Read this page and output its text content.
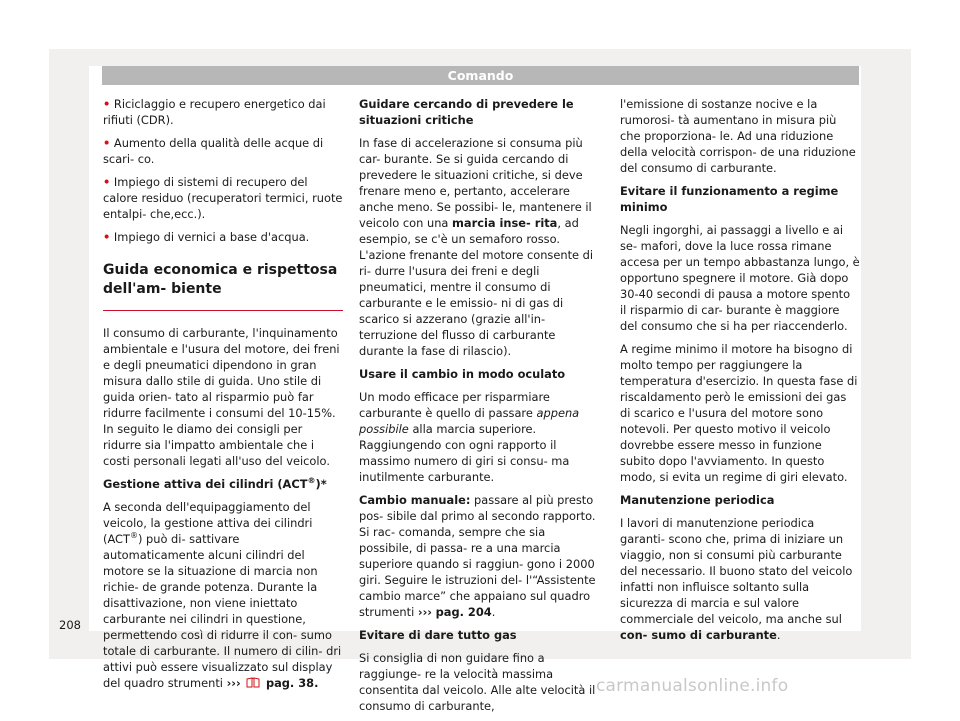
Comando

• Riciclaggio e recupero energetico dai rifiuti (CDR).

• Aumento della qualità delle acque di scari- co.

• Impiego di sistemi di recupero del calore residuo (recuperatori termici, ruote entalpi- che,ecc.).

• Impiego di vernici a base d'acqua.

Guida economica e rispettosa dell'am- biente

Il consumo di carburante, l'inquinamento ambientale e l'usura del motore, dei freni e degli pneumatici dipendono in gran misura dallo stile di guida. Uno stile di guida orien- tato al risparmio può far ridurre facilmente i consumi del 10-15%. In seguito le diamo dei consigli per ridurre sia l'impatto ambientale che i costi personali legati all'uso del veicolo.

Gestione attiva dei cilindri (ACT®)*

A seconda dell'equipaggiamento del veicolo, la gestione attiva dei cilindri (ACT®) può di- sattivare automaticamente alcuni cilindri del motore se la situazione di marcia non richie- de grande potenza. Durante la disattivazione, non viene iniettato carburante nei cilindri in questione, permettendo così di ridurre il con- sumo totale di carburante. Il numero di cilin- dri attivi può essere visualizzato sul display del quadro strumenti ››› pag. 38.

Guidare cercando di prevedere le situazioni critiche

In fase di accelerazione si consuma più car- burante. Se si guida cercando di prevedere le situazioni critiche, si deve frenare meno e, pertanto, accelerare anche meno. Se possibi- le, mantenere il veicolo con una marcia inse- rita, ad esempio, se c'è un semaforo rosso. L'azione frenante del motore consente di ri- durre l'usura dei freni e degli pneumatici, mentre il consumo di carburante e le emissio- ni di gas di scarico si azzerano (grazie all'in- terruzione del flusso di carburante durante la fase di rilascio).

Usare il cambio in modo oculato

Un modo efficace per risparmiare carburante è quello di passare appena possibile alla marcia superiore. Raggiungendo con ogni rapporto il massimo numero di giri si consu- ma inutilmente carburante.

Cambio manuale: passare al più presto pos- sibile dal primo al secondo rapporto. Si rac- comanda, sempre che sia possibile, di passa- re a una marcia superiore quando si raggiun- gono i 2000 giri. Seguire le istruzioni del- l'“Assistente cambio marce” che appaiano sul quadro strumenti ››› pag. 204.

Evitare di dare tutto gas

Si consiglia di non guidare fino a raggiunge- re la velocità massima consentita dal veicolo. Alle alte velocità il consumo di carburante,

l'emissione di sostanze nocive e la rumorosi- tà aumentano in misura più che proporziona- le. Ad una riduzione della velocità corrispon- de una riduzione del consumo di carburante.

Evitare il funzionamento a regime minimo

Negli ingorghi, ai passaggi a livello e ai se- mafori, dove la luce rossa rimane accesa per un tempo abbastanza lungo, è opportuno spegnere il motore. Già dopo 30-40 secondi di pausa a motore spento il risparmio di car- burante è maggiore del consumo che si ha per riaccenderlo.

A regime minimo il motore ha bisogno di molto tempo per raggiungere la temperatura d'esercizio. In questa fase di riscaldamento però le emissioni dei gas di scarico e l'usura del motore sono notevoli. Per questo motivo il veicolo dovrebbe essere messo in funzione subito dopo l'avviamento. In questo modo, si evita un regime di giri elevato.

Manutenzione periodica

I lavori di manutenzione periodica garanti- scono che, prima di iniziare un viaggio, non si consumi più carburante del necessario. Il buono stato del veicolo infatti non influisce soltanto sulla sicurezza di marcia e sul valore commerciale del veicolo, ma anche sul con- sumo di carburante.

208
carmanualsonline.info
